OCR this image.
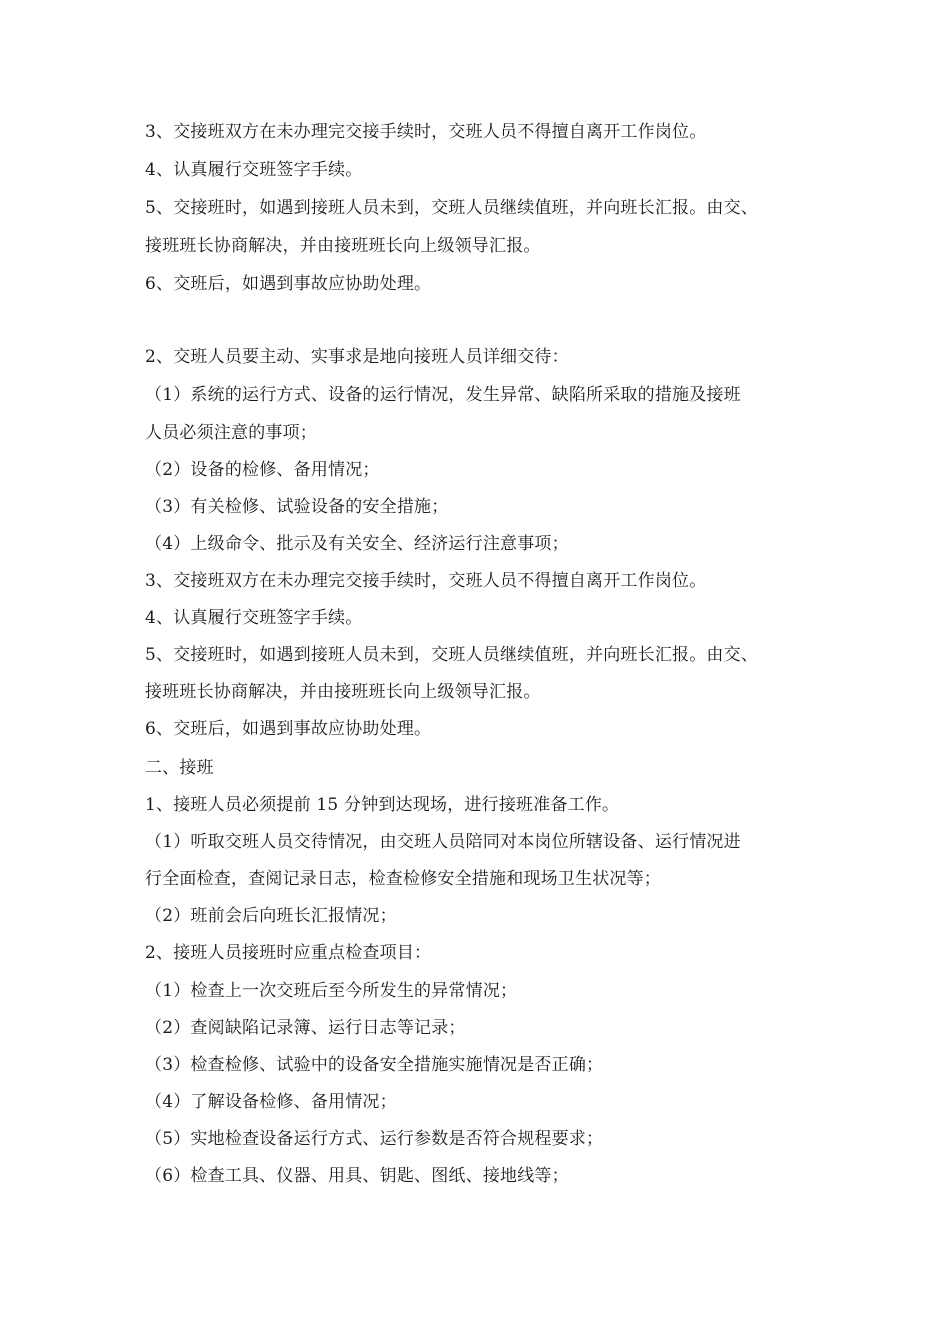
3、交接班双方在未办理完交接手续时，交班人员不得擅自离开工作岗位。
4、认真履行交班签字手续。
5、交接班时，如遇到接班人员未到，交班人员继续值班，并向班长汇报。由交、
接班班长协商解决，并由接班班长向上级领导汇报。
6、交班后，如遇到事故应协助处理。
2、交班人员要主动、实事求是地向接班人员详细交待：
（1）系统的运行方式、设备的运行情况，发生异常、缺陷所采取的措施及接班
人员必须注意的事项；
（2）设备的检修、备用情况；
（3）有关检修、试验设备的安全措施；
（4）上级命令、批示及有关安全、经济运行注意事项；
3、交接班双方在未办理完交接手续时，交班人员不得擅自离开工作岗位。
4、认真履行交班签字手续。
5、交接班时，如遇到接班人员未到，交班人员继续值班，并向班长汇报。由交、
接班班长协商解决，并由接班班长向上级领导汇报。
6、交班后，如遇到事故应协助处理。
二、接班
1、接班人员必须提前 15 分钟到达现场，进行接班准备工作。
（1）听取交班人员交待情况，由交班人员陪同对本岗位所辖设备、运行情况进
行全面检查，查阅记录日志，检查检修安全措施和现场卫生状况等；
（2）班前会后向班长汇报情况；
2、接班人员接班时应重点检查项目：
（1）检查上一次交班后至今所发生的异常情况；
（2）查阅缺陷记录簿、运行日志等记录；
（3）检查检修、试验中的设备安全措施实施情况是否正确；
（4）了解设备检修、备用情况；
（5）实地检查设备运行方式、运行参数是否符合规程要求；
（6）检查工具、仪器、用具、钥匙、图纸、接地线等；
